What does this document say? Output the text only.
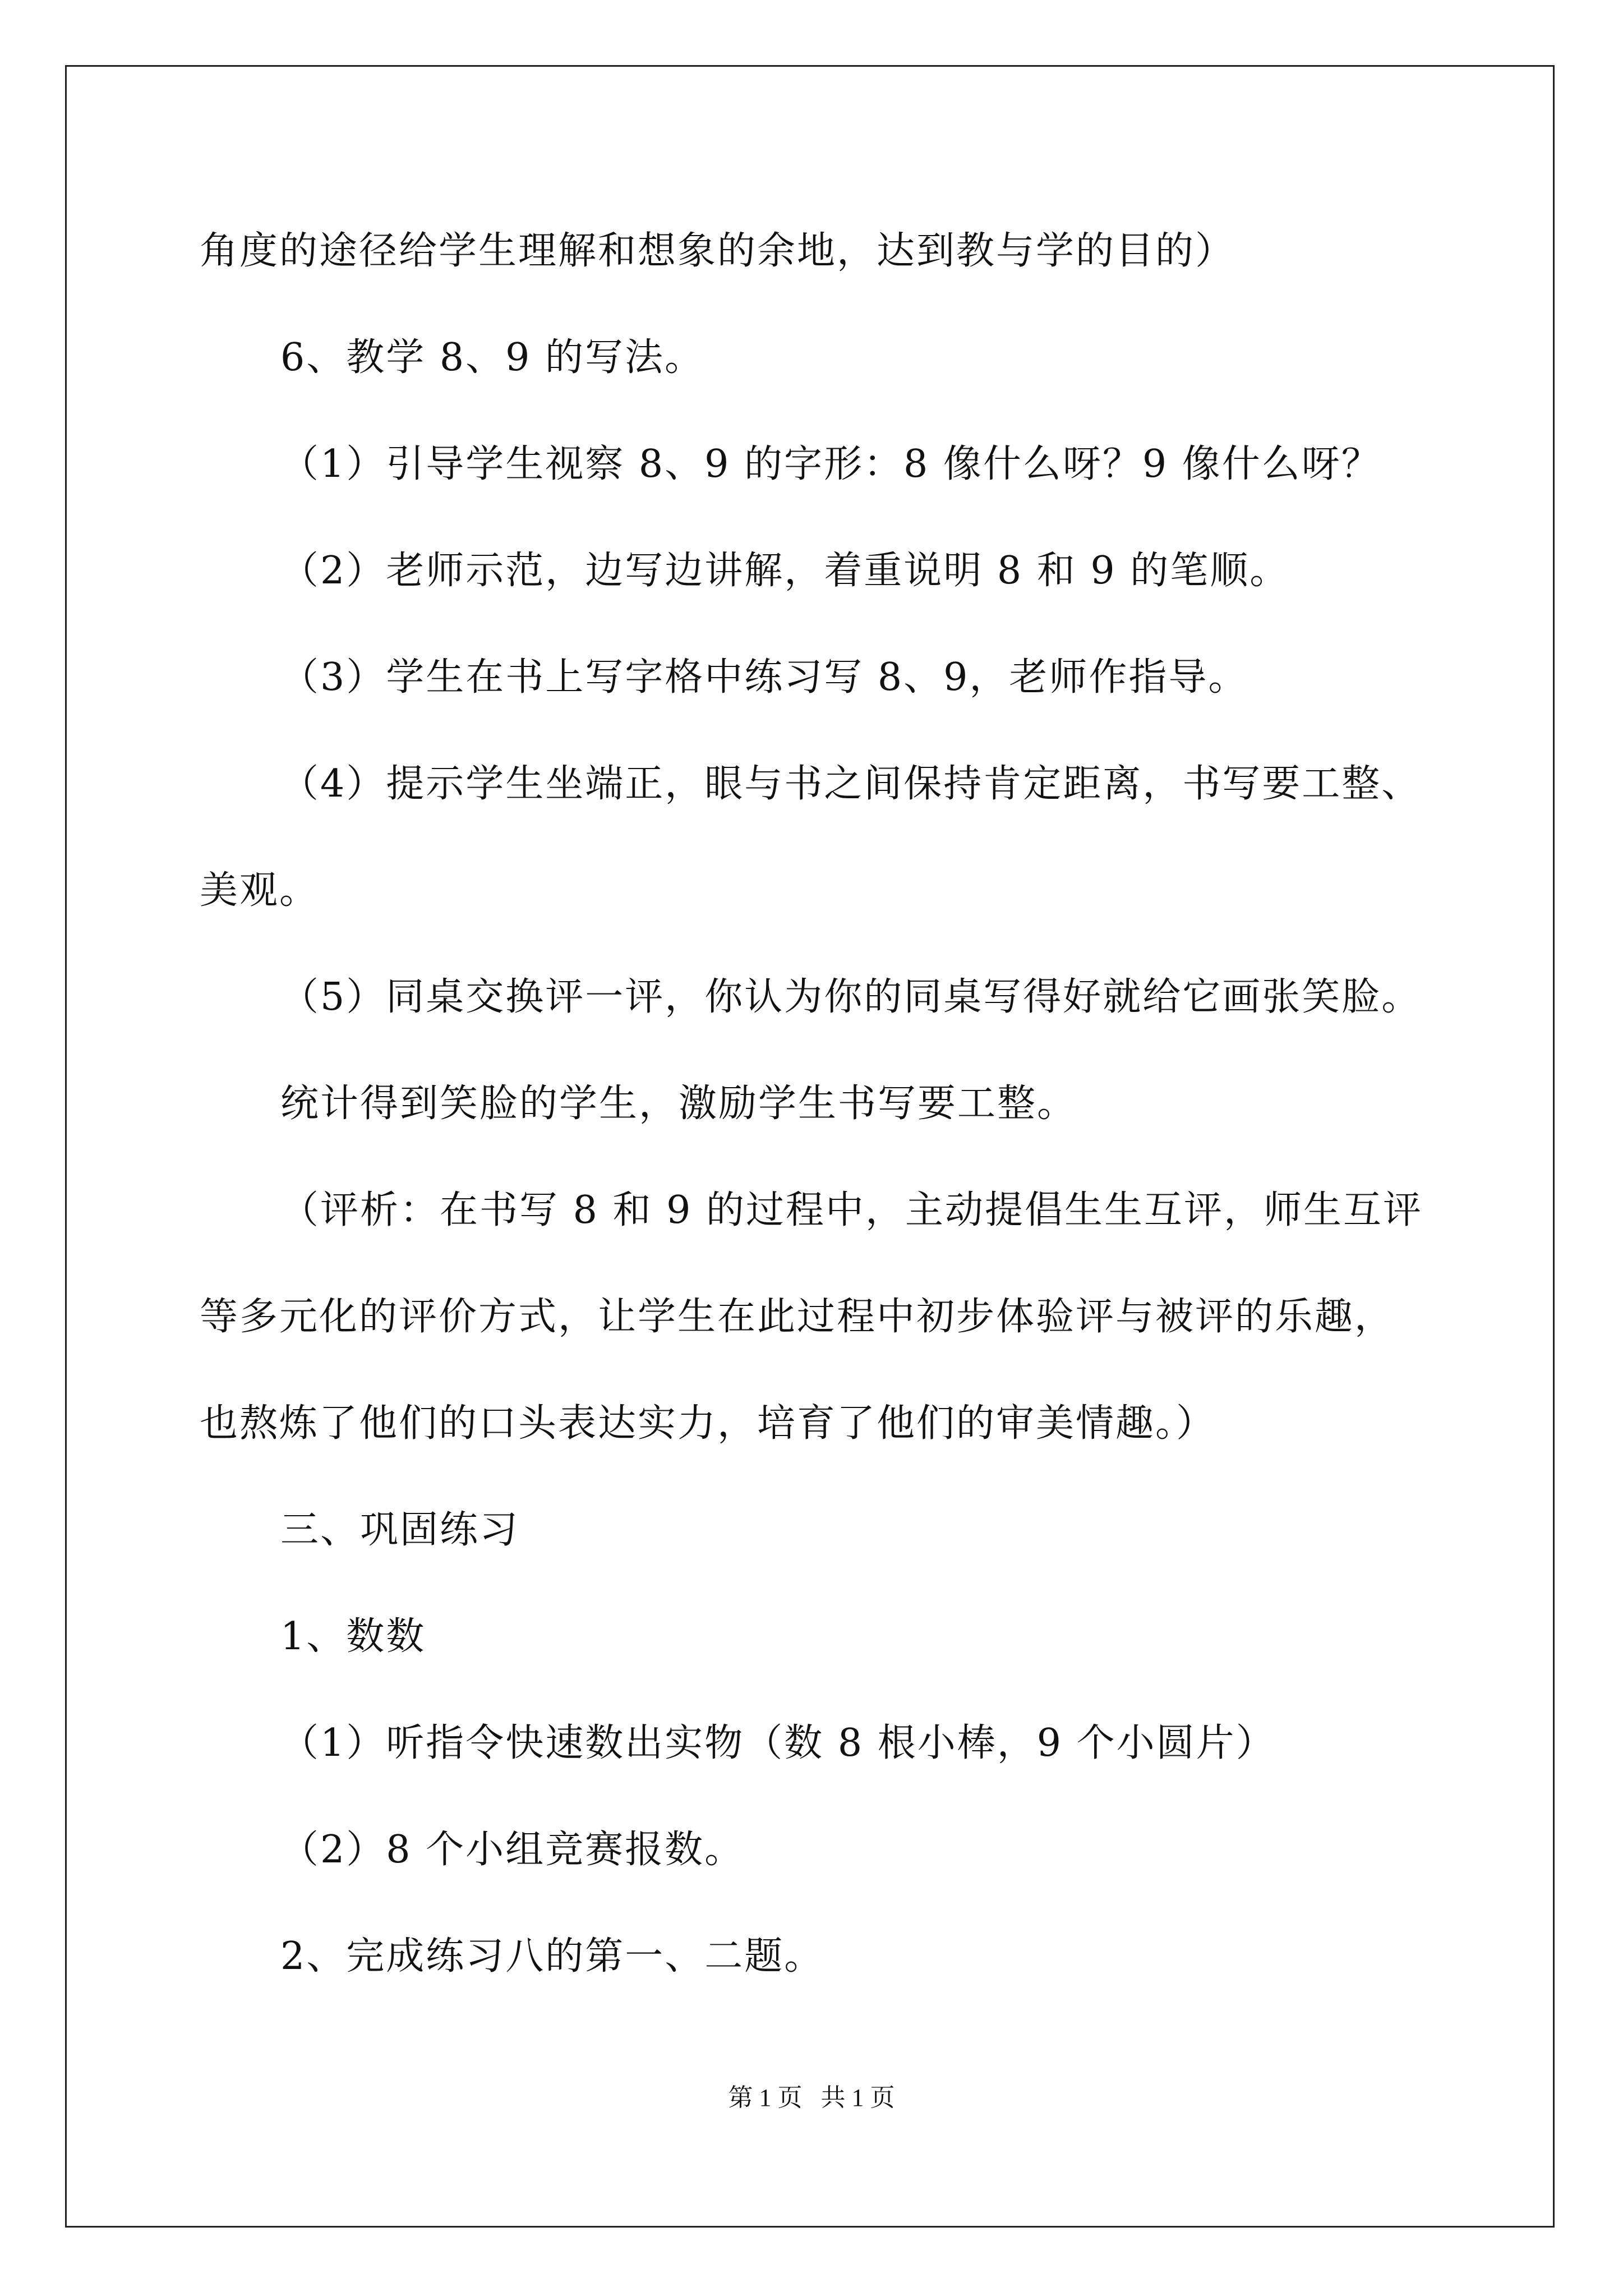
角度的途径给学生理解和想象的余地，达到教与学的目的）
6、教学 8、9 的写法。
（1）引导学生视察 8、9 的字形：8 像什么呀？9 像什么呀？
（2）老师示范，边写边讲解，着重说明 8 和 9 的笔顺。
（3）学生在书上写字格中练习写 8、9，老师作指导。
（4）提示学生坐端正，眼与书之间保持肯定距离，书写要工整、
美观。
（5）同桌交换评一评，你认为你的同桌写得好就给它画张笑脸。
统计得到笑脸的学生，激励学生书写要工整。
（评析：在书写 8 和 9 的过程中，主动提倡生生互评，师生互评
等多元化的评价方式，让学生在此过程中初步体验评与被评的乐趣，
也熬炼了他们的口头表达实力，培育了他们的审美情趣。）
三、巩固练习
1、数数
（1）听指令快速数出实物（数 8 根小棒，9 个小圆片）
（2）8 个小组竞赛报数。
2、完成练习八的第一、二题。
第 1 页   共 1 页
